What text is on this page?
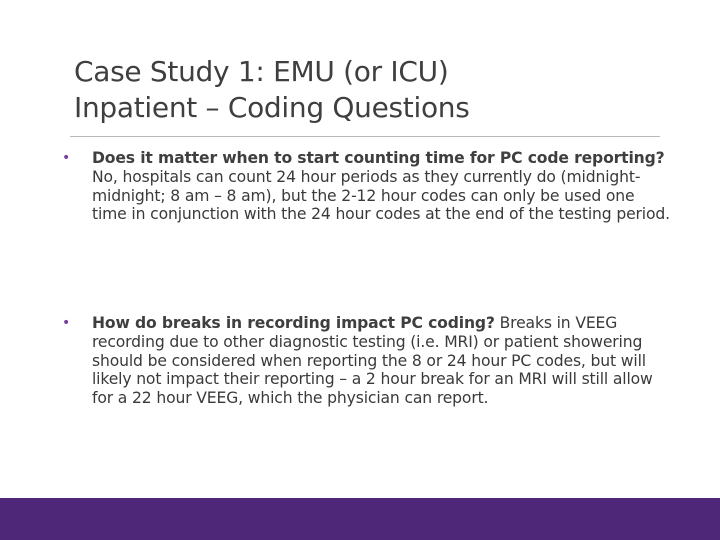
Case Study 1: EMU (or ICU)
Inpatient – Coding Questions
• Does it matter when to start counting time for PC code reporting? No, hospitals can count 24 hour periods as they currently do (midnight-midnight; 8 am – 8 am), but the 2-12 hour codes can only be used one time in conjunction with the 24 hour codes at the end of the testing period.
• How do breaks in recording impact PC coding? Breaks in VEEG recording due to other diagnostic testing (i.e. MRI) or patient showering should be considered when reporting the 8 or 24 hour PC codes, but will likely not impact their reporting – a 2 hour break for an MRI will still allow for a 22 hour VEEG, which the physician can report.
